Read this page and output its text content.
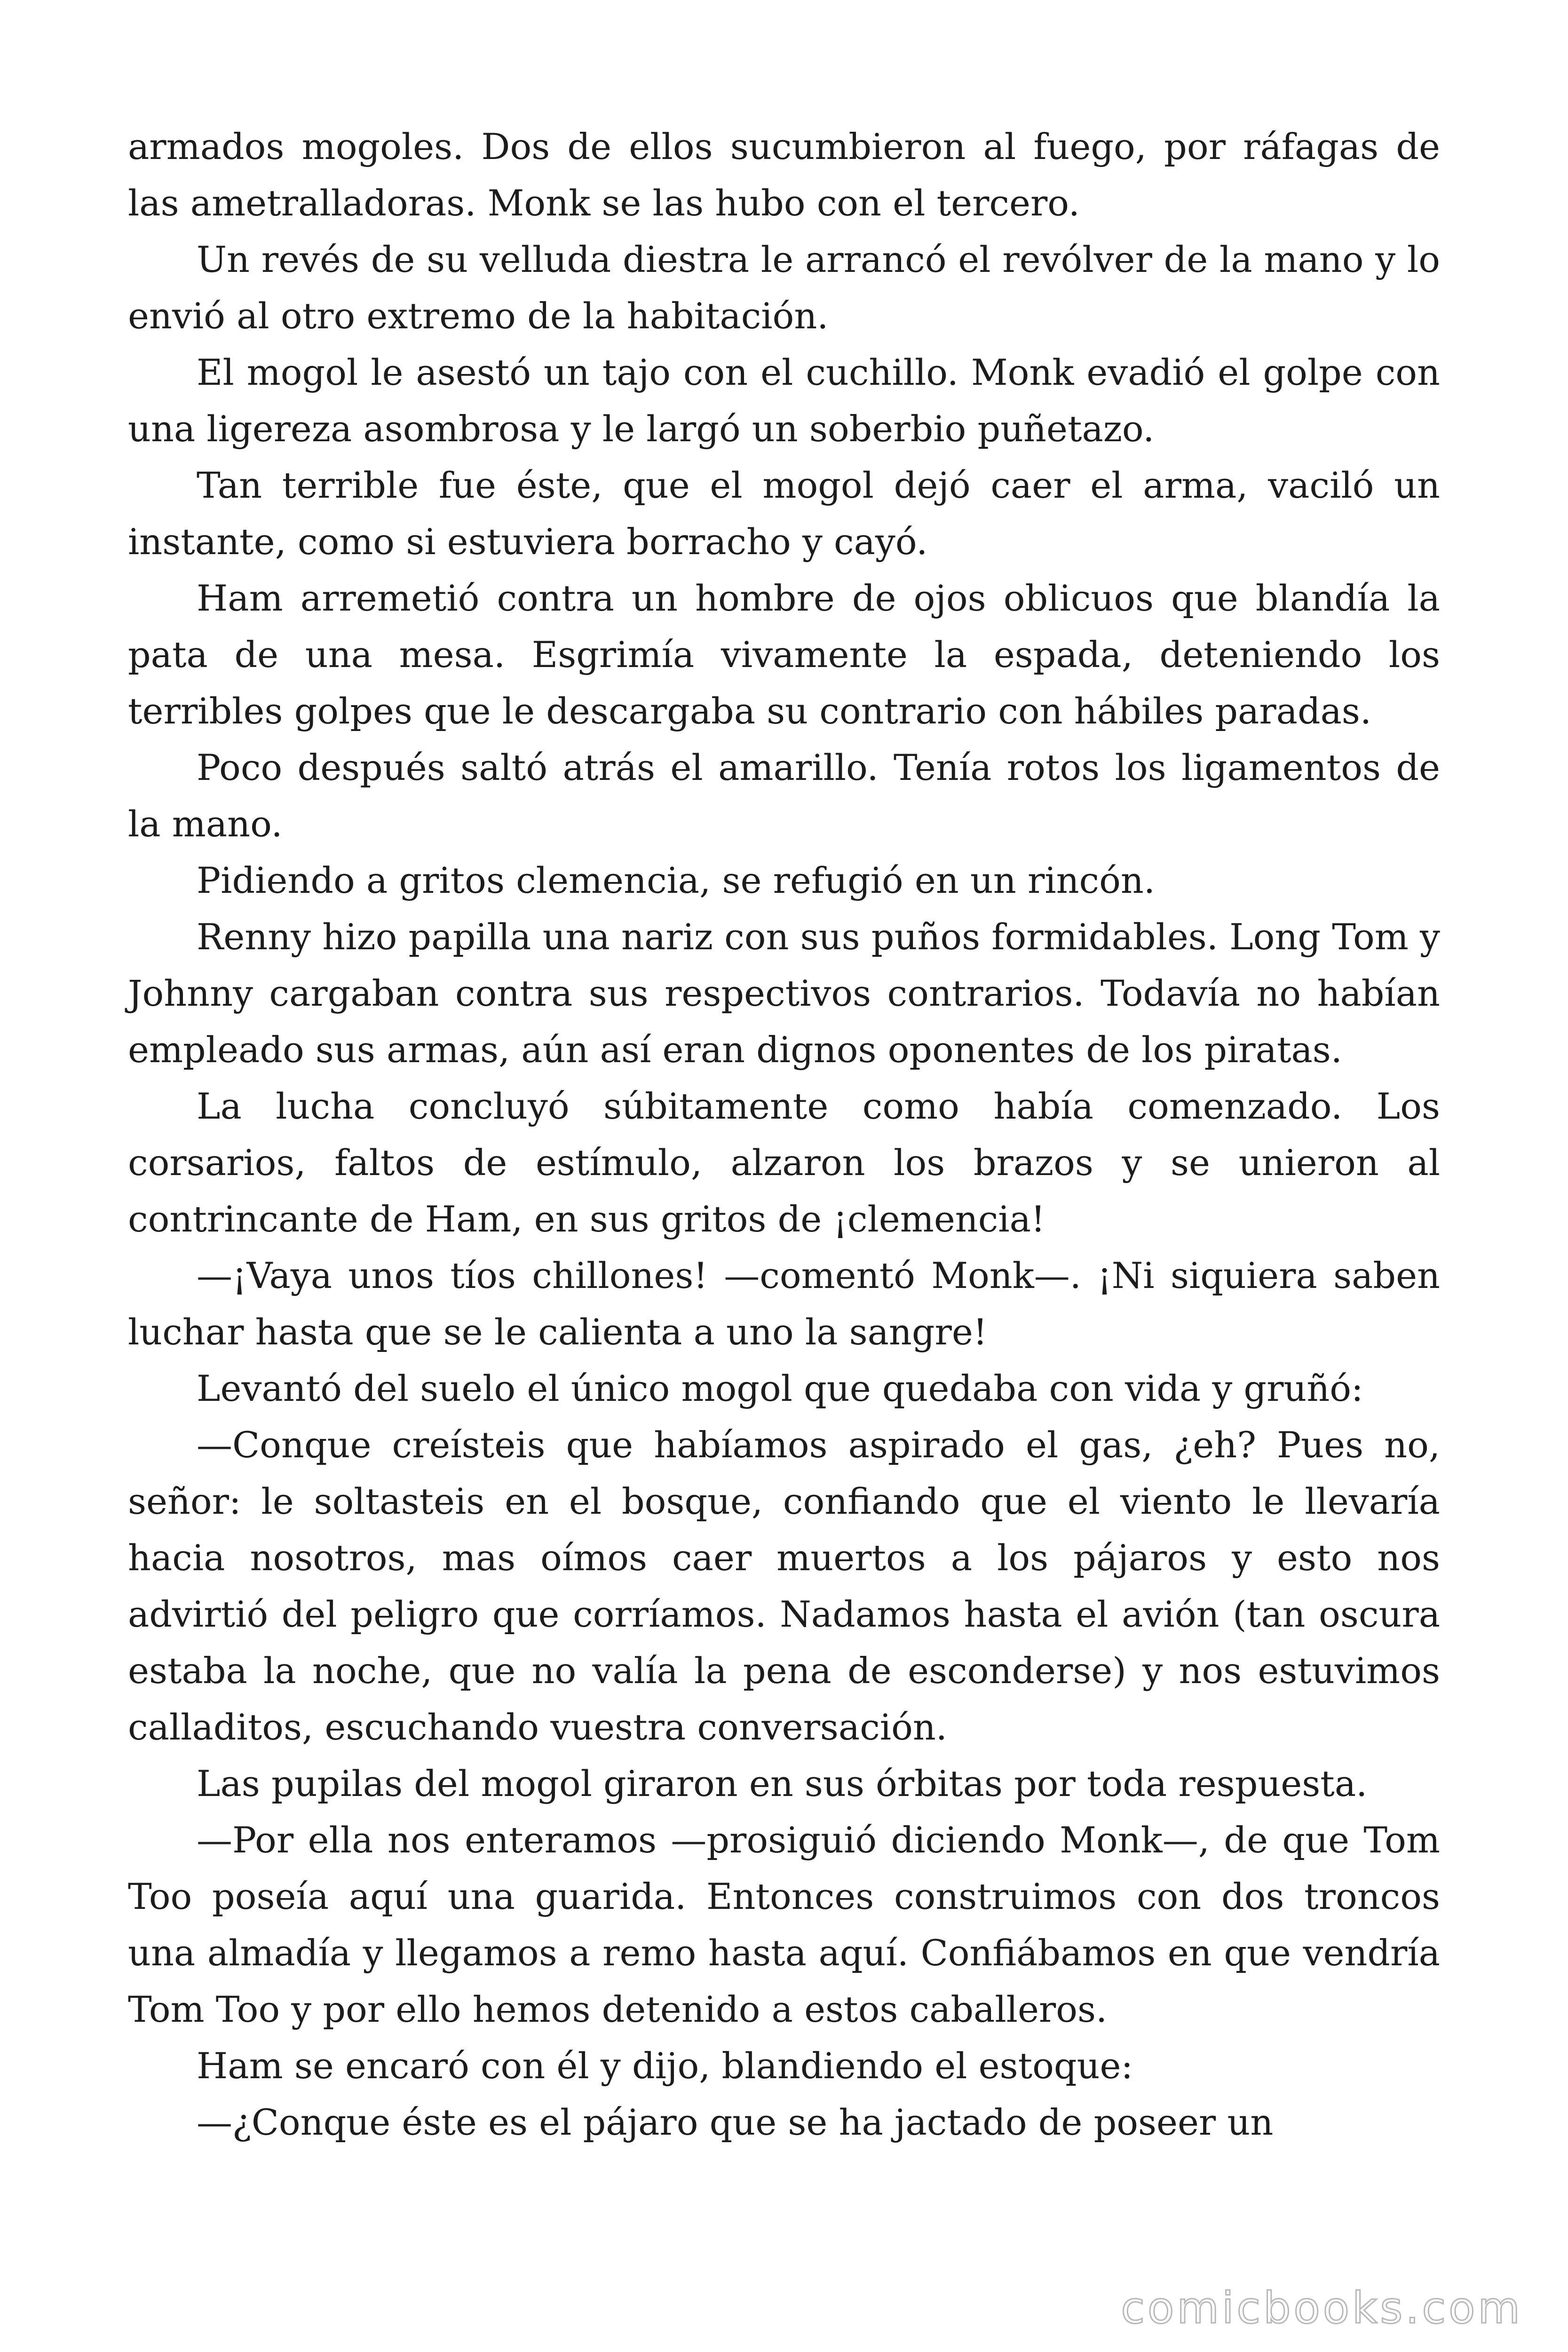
armados mogoles. Dos de ellos sucumbieron al fuego, por ráfagas de las ametralladoras. Monk se las hubo con el tercero.

Un revés de su velluda diestra le arrancó el revólver de la mano y lo envió al otro extremo de la habitación.

El mogol le asestó un tajo con el cuchillo. Monk evadió el golpe con una ligereza asombrosa y le largó un soberbio puñetazo.

Tan terrible fue éste, que el mogol dejó caer el arma, vaciló un instante, como si estuviera borracho y cayó.

Ham arremetió contra un hombre de ojos oblicuos que blandía la pata de una mesa. Esgrimía vivamente la espada, deteniendo los terribles golpes que le descargaba su contrario con hábiles paradas.

Poco después saltó atrás el amarillo. Tenía rotos los ligamentos de la mano.

Pidiendo a gritos clemencia, se refugió en un rincón.

Renny hizo papilla una nariz con sus puños formidables. Long Tom y Johnny cargaban contra sus respectivos contrarios. Todavía no habían empleado sus armas, aún así eran dignos oponentes de los piratas.

La lucha concluyó súbitamente como había comenzado. Los corsarios, faltos de estímulo, alzaron los brazos y se unieron al contrincante de Ham, en sus gritos de ¡clemencia!

—¡Vaya unos tíos chillones! —comentó Monk—. ¡Ni siquiera saben luchar hasta que se le calienta a uno la sangre!

Levantó del suelo el único mogol que quedaba con vida y gruñó:

—Conque creísteis que habíamos aspirado el gas, ¿eh? Pues no, señor: le soltasteis en el bosque, confiando que el viento le llevaría hacia nosotros, mas oímos caer muertos a los pájaros y esto nos advirtió del peligro que corríamos. Nadamos hasta el avión (tan oscura estaba la noche, que no valía la pena de esconderse) y nos estuvimos calladitos, escuchando vuestra conversación.

Las pupilas del mogol giraron en sus órbitas por toda respuesta.

—Por ella nos enteramos —prosiguió diciendo Monk—, de que Tom Too poseía aquí una guarida. Entonces construimos con dos troncos una almadía y llegamos a remo hasta aquí. Confiábamos en que vendría Tom Too y por ello hemos detenido a estos caballeros.

Ham se encaró con él y dijo, blandiendo el estoque:

—¿Conque éste es el pájaro que se ha jactado de poseer un

comicbooks.com
